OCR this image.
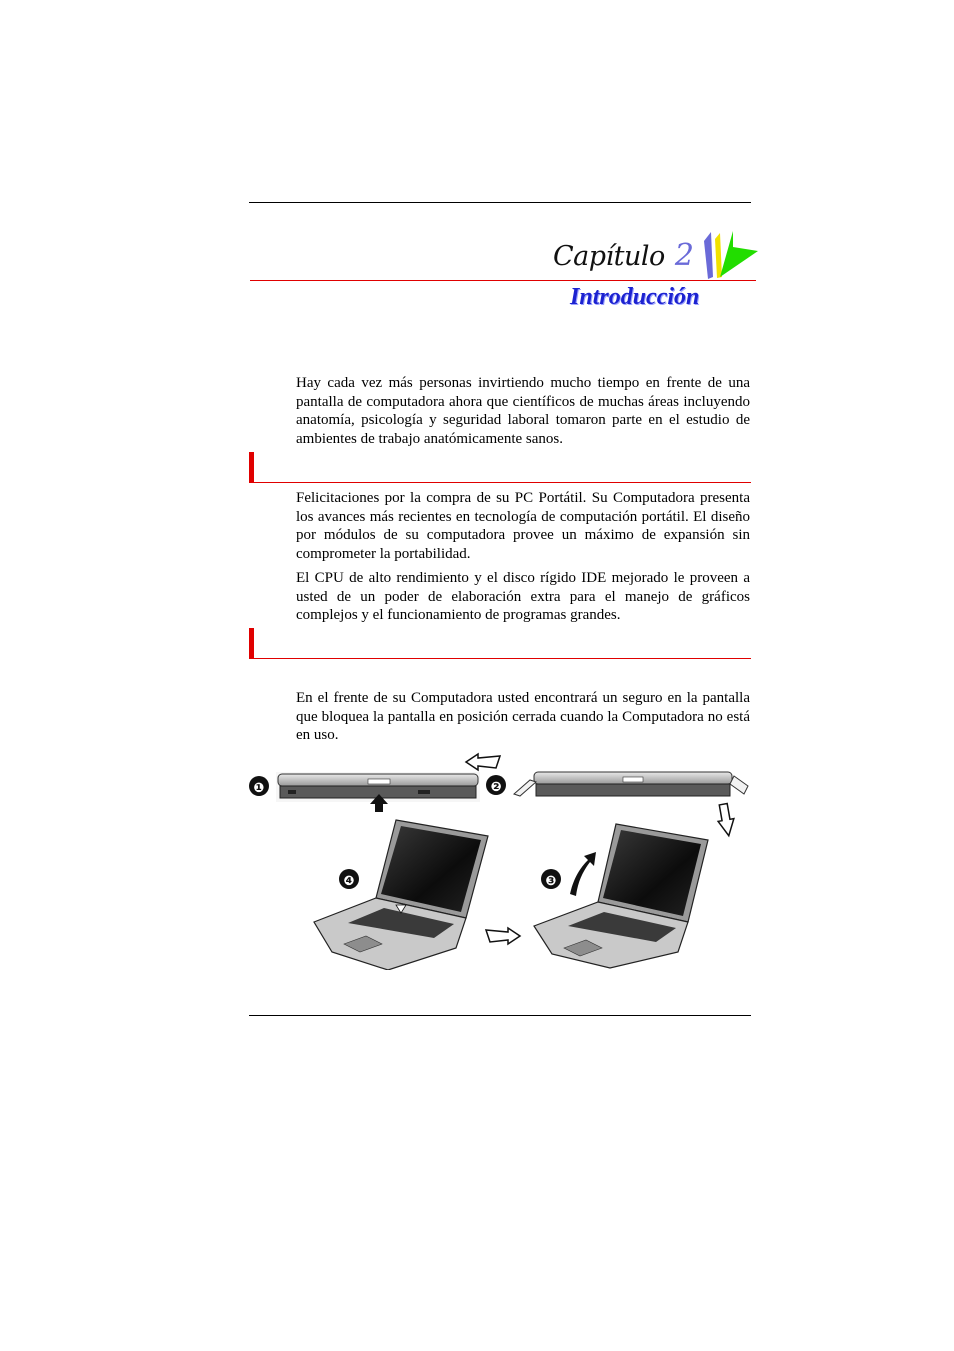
Capítulo 2
Introducción

Hay cada vez más personas invirtiendo mucho tiempo en frente de una pantalla de computadora ahora que científicos de muchas áreas incluyendo anatomía, psicología y seguridad laboral tomaron parte en el estudio de ambientes de trabajo anatómicamente sanos.

Felicitaciones por la compra de su PC Portátil. Su Computadora presenta los avances más recientes en tecnología de computación portátil. El diseño por módulos de su computadora provee un máximo de expansión sin comprometer la portabilidad.

El CPU de alto rendimiento y el disco rígido IDE mejorado le proveen a usted de un poder de elaboración extra para el manejo de gráficos complejos y el funcionamiento de programas grandes.

En el frente de su Computadora usted encontrará un seguro en la pantalla que bloquea la pantalla en posición cerrada cuando la Computadora no está en uso.

❶	❷
❹	❸
